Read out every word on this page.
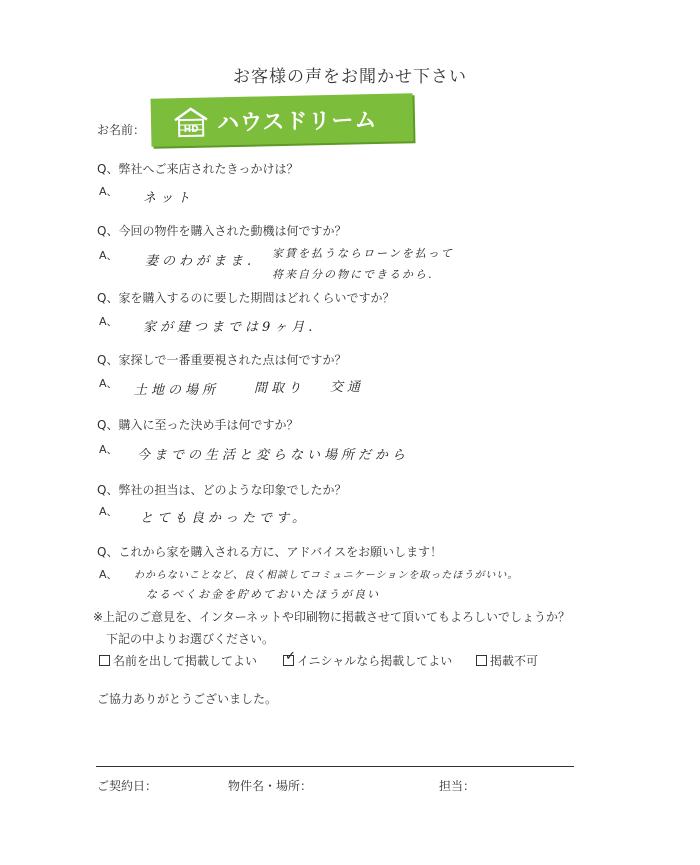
お客様の声をお聞かせ下さい
お名前：	HD ハウスドリーム
Q、弊社へご来店されたきっかけは？
A、 ネット
Q、今回の物件を購入された動機は何ですか？
A、 妻のわがまま.
家賃を払うならローンを払って
将来自分の物にできるから.
Q、家を購入するのに要した期間はどれくらいですか？
A、 家が建つまでは9ヶ月.
Q、家探しで一番重要視された点は何ですか？
A、 土地の場所	間取り 交通
Q、購入に至った決め手は何ですか？
A、 今までの生活と変らない場所だから
Q、弊社の担当は、どのような印象でしたか？
A、 とても良かったです。
Q、これから家を購入される方に、アドバイスをお願いします！
A、 わからないことなど、良く相談してコミュニケーションを取ったほうがいい。
なるべくお金を貯めておいたほうが良い
※上記のご意見を、インターネットや印刷物に掲載させて頂いてもよろしいでしょうか？
下記の中よりお選びください。
名前を出して掲載してよい ✓ イニシャルなら掲載してよい	掲載不可
ご協力ありがとうございました。
ご契約日：	物件名・場所：	担当：
